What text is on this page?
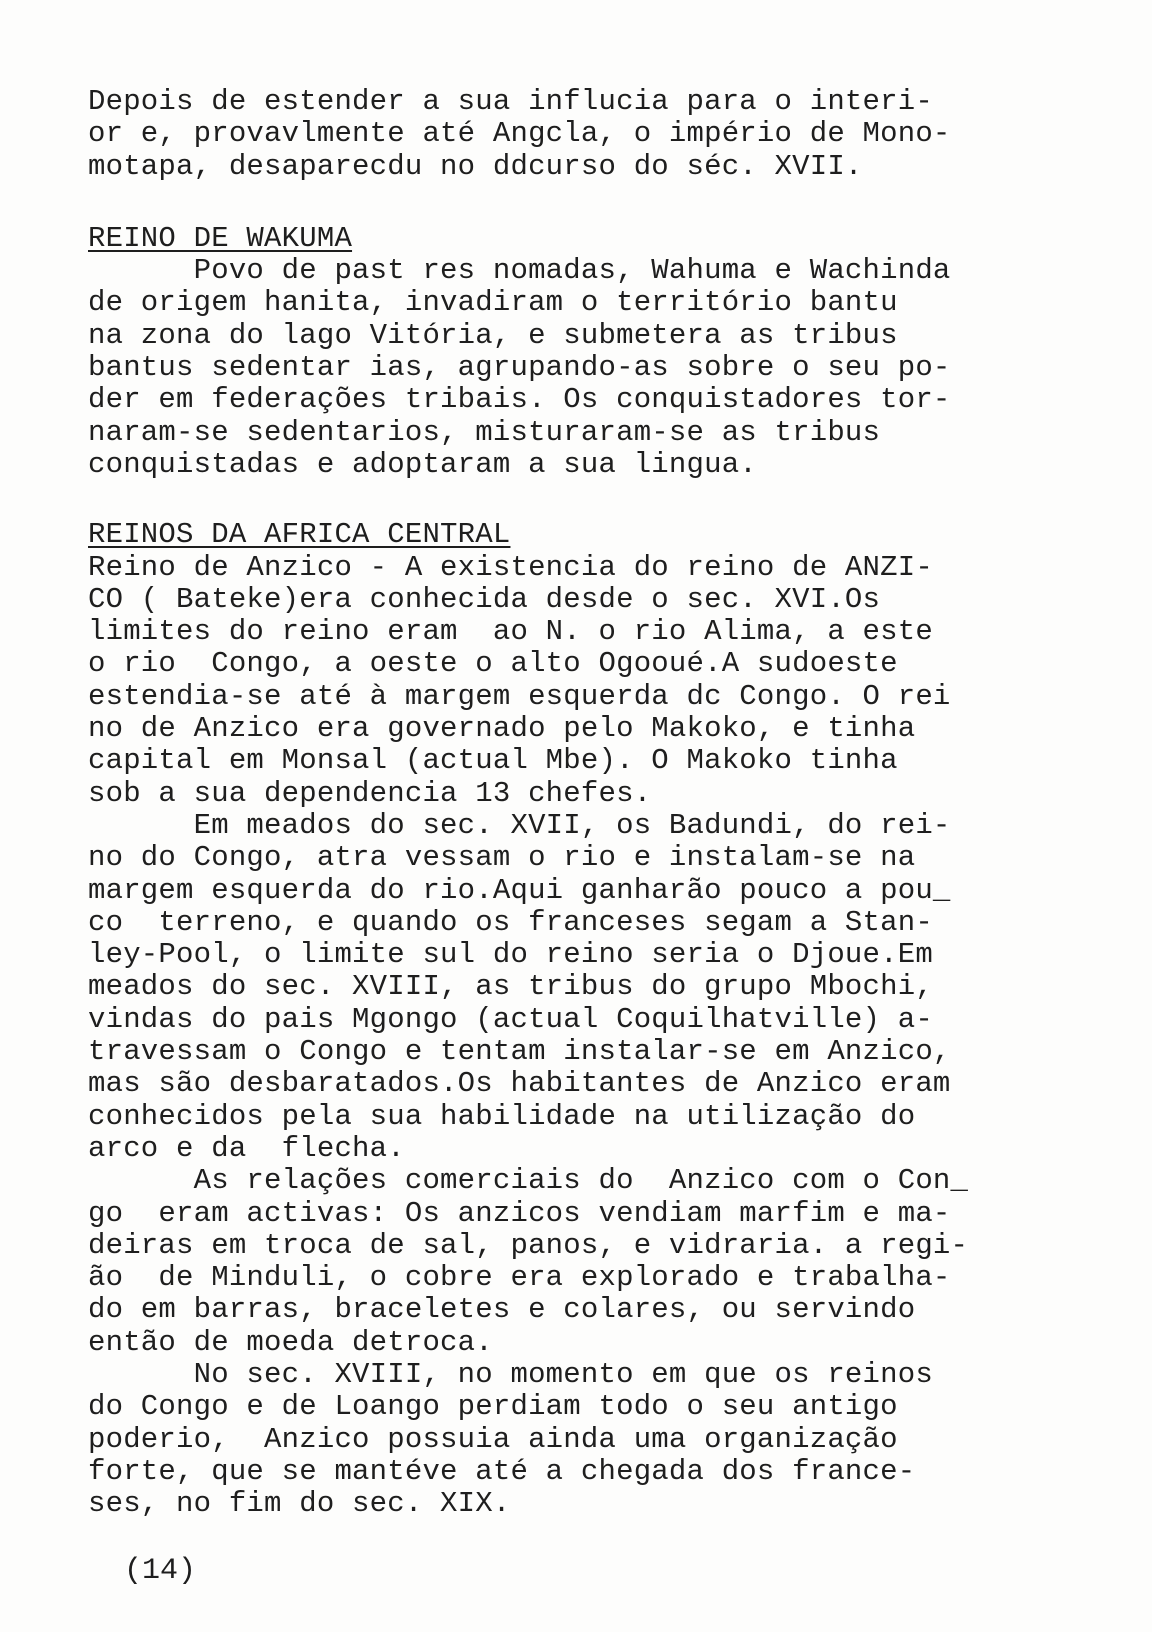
Depois de estender a sua influcia para o interi-
or e, provavlmente até Angcla, o império de Mono-
motapa, desaparecdu no ddcurso do séc. XVII.
REINO DE WAKUMA
Povo de past res nomadas, Wahuma e Wachinda
de origem hanita, invadiram o território bantu
na zona do lago Vitória, e submetera as tribus
bantus sedentar ias, agrupando-as sobre o seu po-
der em federações tribais. Os conquistadores tor-
naram-se sedentarios, misturaram-se as tribus
conquistadas e adoptaram a sua lingua.
REINOS DA AFRICA CENTRAL
Reino de Anzico - A existencia do reino de ANZI-
CO ( Bateke)era conhecida desde o sec. XVI.Os
limites do reino eram  ao N. o rio Alima, a este
o rio  Congo, a oeste o alto Ogooué.A sudoeste
estendia-se até à margem esquerda dc Congo. O rei
no de Anzico era governado pelo Makoko, e tinha
capital em Monsal (actual Mbe). O Makoko tinha
sob a sua dependencia 13 chefes.
Em meados do sec. XVII, os Badundi, do rei-
no do Congo, atra vessam o rio e instalam-se na
margem esquerda do rio.Aqui ganharão pouco a pou_
co  terreno, e quando os franceses segam a Stan-
ley-Pool, o limite sul do reino seria o Djoue.Em
meados do sec. XVIII, as tribus do grupo Mbochi,
vindas do pais Mgongo (actual Coquilhatville) a-
travessam o Congo e tentam instalar-se em Anzico,
mas são desbaratados.Os habitantes de Anzico eram
conhecidos pela sua habilidade na utilização do
arco e da  flecha.
As relações comerciais do  Anzico com o Con_
go  eram activas: Os anzicos vendiam marfim e ma-
deiras em troca de sal, panos, e vidraria. a regi-
ão  de Minduli, o cobre era explorado e trabalha-
do em barras, braceletes e colares, ou servindo
então de moeda detroca.
No sec. XVIII, no momento em que os reinos
do Congo e de Loango perdiam todo o seu antigo
poderio,  Anzico possuia ainda uma organização
forte, que se mantéve até a chegada dos france-
ses, no fim do sec. XIX.
(14)
